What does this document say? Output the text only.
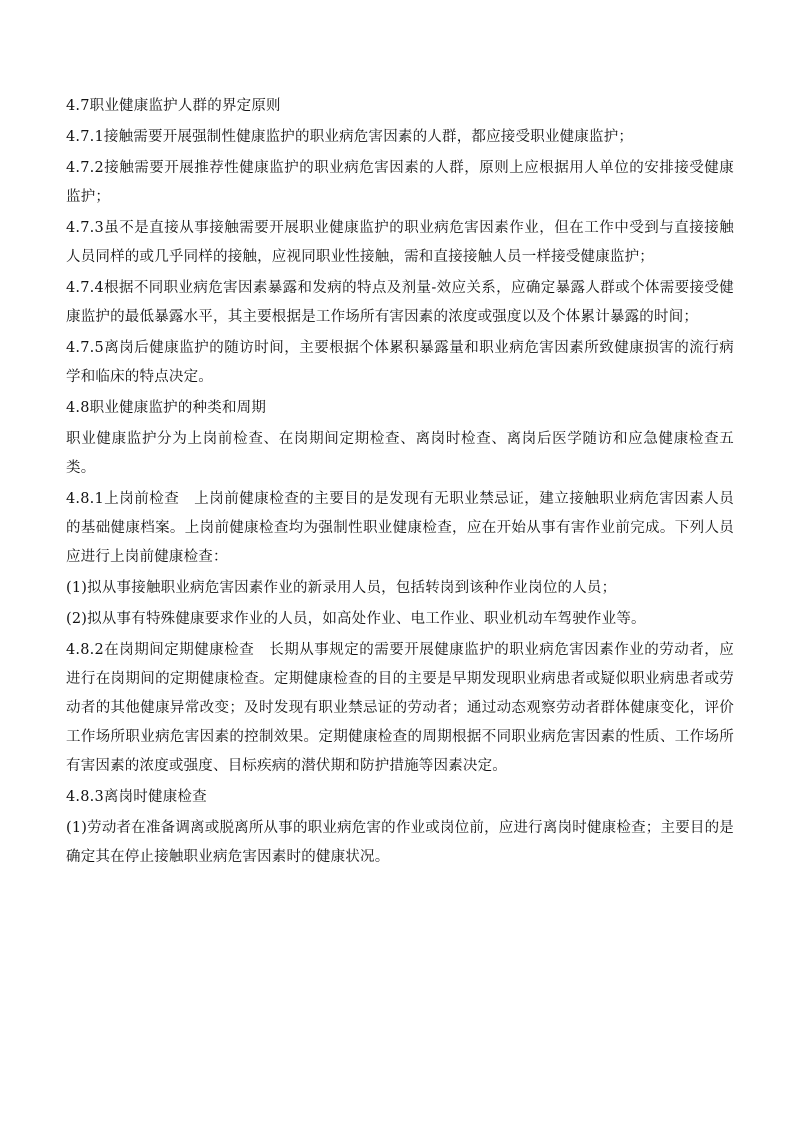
4.7职业健康监护人群的界定原则

4.7.1接触需要开展强制性健康监护的职业病危害因素的人群，都应接受职业健康监护；

4.7.2接触需要开展推荐性健康监护的职业病危害因素的人群，原则上应根据用人单位的安排接受健康监护；

4.7.3虽不是直接从事接触需要开展职业健康监护的职业病危害因素作业，但在工作中受到与直接接触人员同样的或几乎同样的接触，应视同职业性接触，需和直接接触人员一样接受健康监护；

4.7.4根据不同职业病危害因素暴露和发病的特点及剂量-效应关系，应确定暴露人群或个体需要接受健康监护的最低暴露水平，其主要根据是工作场所有害因素的浓度或强度以及个体累计暴露的时间；

4.7.5离岗后健康监护的随访时间，主要根据个体累积暴露量和职业病危害因素所致健康损害的流行病学和临床的特点决定。

4.8职业健康监护的种类和周期

职业健康监护分为上岗前检查、在岗期间定期检查、离岗时检查、离岗后医学随访和应急健康检查五类。

4.8.1上岗前检查　上岗前健康检查的主要目的是发现有无职业禁忌证，建立接触职业病危害因素人员的基础健康档案。上岗前健康检查均为强制性职业健康检查，应在开始从事有害作业前完成。下列人员应进行上岗前健康检查：

(1)拟从事接触职业病危害因素作业的新录用人员，包括转岗到该种作业岗位的人员；

(2)拟从事有特殊健康要求作业的人员，如高处作业、电工作业、职业机动车驾驶作业等。

4.8.2在岗期间定期健康检查　长期从事规定的需要开展健康监护的职业病危害因素作业的劳动者，应进行在岗期间的定期健康检查。定期健康检查的目的主要是早期发现职业病患者或疑似职业病患者或劳动者的其他健康异常改变；及时发现有职业禁忌证的劳动者；通过动态观察劳动者群体健康变化，评价工作场所职业病危害因素的控制效果。定期健康检查的周期根据不同职业病危害因素的性质、工作场所有害因素的浓度或强度、目标疾病的潜伏期和防护措施等因素决定。

4.8.3离岗时健康检查

(1)劳动者在准备调离或脱离所从事的职业病危害的作业或岗位前，应进行离岗时健康检查；主要目的是确定其在停止接触职业病危害因素时的健康状况。
